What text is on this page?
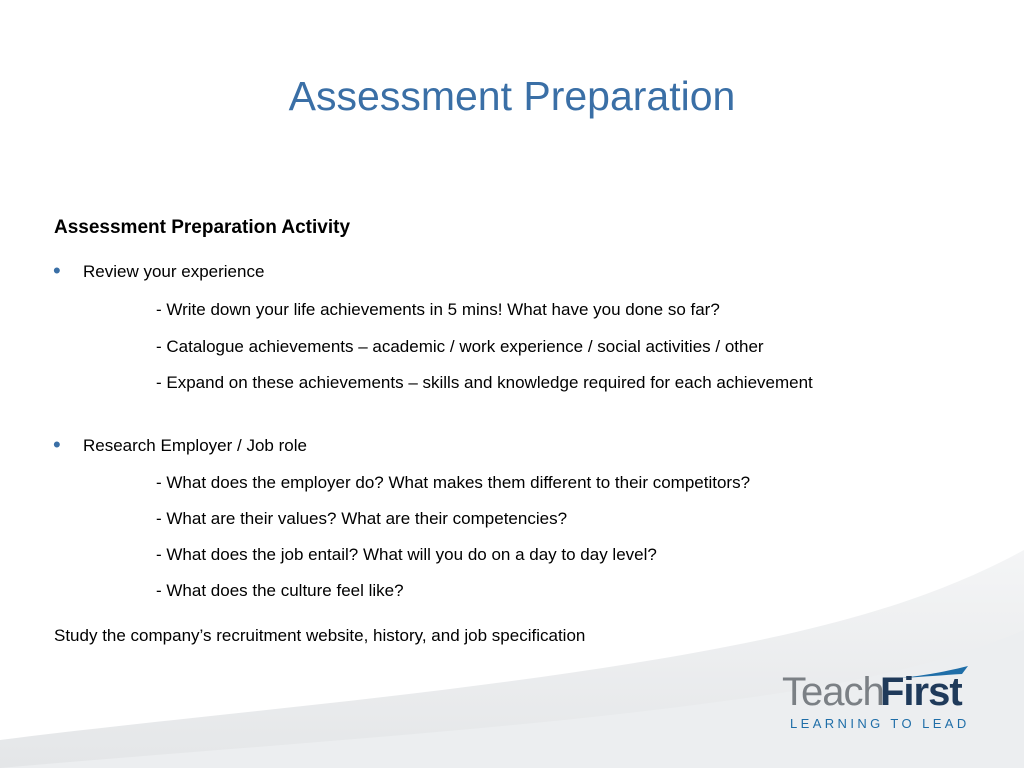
Assessment Preparation
Assessment Preparation Activity
• Review your experience
- Write down your life achievements in 5 mins! What have you done so far?
- Catalogue achievements – academic / work experience / social activities / other
- Expand on these achievements – skills and knowledge required for each achievement
• Research Employer / Job role
- What does the employer do? What makes them different to their competitors?
- What are their values? What are their competencies?
- What does the job entail? What will you do on a day to day level?
- What does the culture feel like?
Study the company’s recruitment website, history, and job specification
Teach
First
LEARNING TO LEAD
